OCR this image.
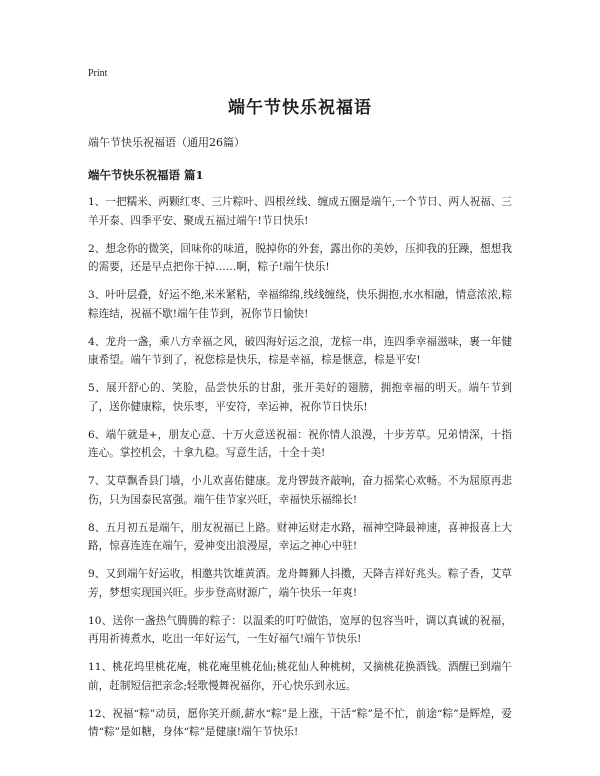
Print
端午节快乐祝福语

端午节快乐祝福语（通用26篇）

端午节快乐祝福语 篇1
1、一把糯米、两颗红枣、三片粽叶、四根丝线、缠成五圈是端午,一个节日、两人祝福、三羊开泰、四季平安、聚成五福过端午!节日快乐!
2、想念你的微笑，回味你的味道，脱掉你的外套，露出你的美妙，压抑我的狂躁，想想我的需要，还是早点把你干掉……啊，粽子!端午快乐!
3、叶叶层叠，好运不绝,米米紧粘，幸福绵绵,线线缠绕，快乐拥抱,水水相融，情意浓浓,粽粽连结，祝福不歇!端午佳节到，祝你节日愉快!
4、龙舟一盏，乘八方幸福之风，破四海好运之浪，龙棕一串，连四季幸福滋味，裹一年健康希望。端午节到了，祝您棕是快乐，棕是幸福，棕是惬意，棕是平安!
5、展开舒心的、笑脸，品尝快乐的甘甜，张开美好的翅膀，拥抱幸福的明天。端午节到了，送你健康粽，快乐枣，平安符，幸运神，祝你节日快乐!
6、端午就是+，朋友心意、十万火意送祝福：祝你情人浪漫，十步芳草。兄弟情深，十指连心。掌控机会，十拿九稳。写意生活，十全十美!
7、艾草飘香县门墙，小儿欢喜佑健康。龙舟锣鼓齐敲响，奋力摇桨心欢畅。不为屈原再悲伤，只为国泰民富强。端午佳节家兴旺，幸福快乐福绵长!
8、五月初五是端午，朋友祝福已上路。财神运财走水路，福神空降最神速，喜神报喜上大路，惊喜连连在端午，爱神变出浪漫屋，幸运之神心中驻!
9、又到端午好运收，相邀共饮雄黄酒。龙舟舞狮人抖擞，天降吉祥好兆头。粽子香，艾草芳，梦想实现国兴旺。步步登高财源广，端午快乐一年爽!
10、送你一盏热气腾腾的粽子：以温柔的叮咛做馅，宽厚的包容当叶，调以真诚的祝福，再用祈祷煮水，吃出一年好运气，一生好福气!端午节快乐!
11、桃花坞里桃花庵，桃花庵里桃花仙;桃花仙人种桃树，又摘桃花换酒钱。酒醒已到端午前，赶制短信把亲念;轻歌慢舞祝福你，开心快乐到永远。
12、祝福“粽”动员，愿你笑开颜,薪水“粽”是上涨，干活“粽”是不忙，前途“粽”是辉煌，爱情“粽”是如糖，身体“粽”是健康!端午节快乐!
